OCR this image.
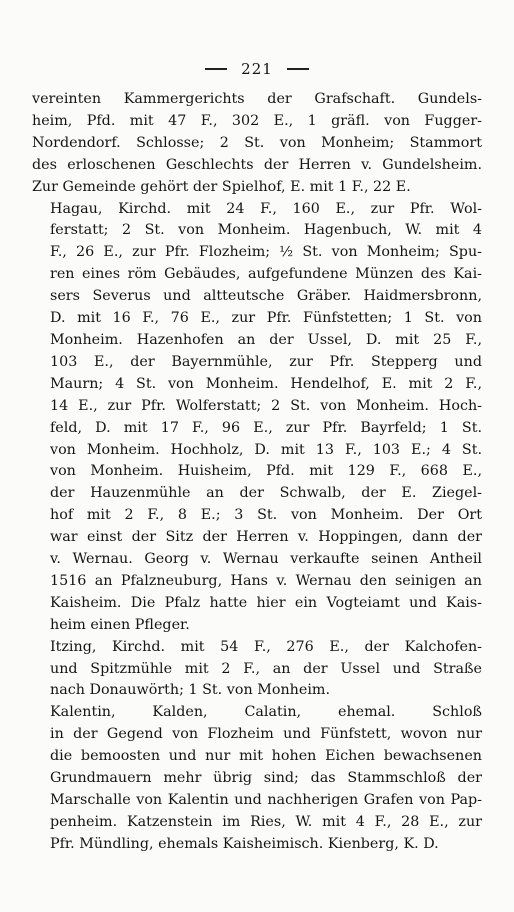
221

vereinten Kammergerichts der Grafschaft. Gundels-
heim, Pfd. mit 47 F., 302 E., 1 gräfl. von Fugger-
Nordendorf. Schlosse; 2 St. von Monheim; Stammort
des erloschenen Geschlechts der Herren v. Gundelsheim.
Zur Gemeinde gehört der Spielhof, E. mit 1 F., 22 E.

Hagau, Kirchd. mit 24 F., 160 E., zur Pfr. Wol-
ferstatt; 2 St. von Monheim. Hagenbuch, W. mit 4
F., 26 E., zur Pfr. Flozheim; ½ St. von Monheim; Spu-
ren eines röm Gebäudes, aufgefundene Münzen des Kai-
sers Severus und altteutsche Gräber. Haidmersbronn,
D. mit 16 F., 76 E., zur Pfr. Fünfstetten; 1 St. von
Monheim. Hazenhofen an der Ussel, D. mit 25 F.,
103 E., der Bayernmühle, zur Pfr. Stepperg und
Maurn; 4 St. von Monheim. Hendelhof, E. mit 2 F.,
14 E., zur Pfr. Wolferstatt; 2 St. von Monheim. Hoch-
feld, D. mit 17 F., 96 E., zur Pfr. Bayrfeld; 1 St.
von Monheim. Hochholz, D. mit 13 F., 103 E.; 4 St.
von Monheim. Huisheim, Pfd. mit 129 F., 668 E.,
der Hauzenmühle an der Schwalb, der E. Ziegel-
hof mit 2 F., 8 E.; 3 St. von Monheim. Der Ort
war einst der Sitz der Herren v. Hoppingen, dann der
v. Wernau. Georg v. Wernau verkaufte seinen Antheil
1516 an Pfalzneuburg, Hans v. Wernau den seinigen an
Kaisheim. Die Pfalz hatte hier ein Vogteiamt und Kais-
heim einen Pfleger.

Itzing, Kirchd. mit 54 F., 276 E., der Kalchofen-
und Spitzmühle mit 2 F., an der Ussel und Straße
nach Donauwörth; 1 St. von Monheim.

Kalentin, Kalden, Calatin, ehemal. Schloß
in der Gegend von Flozheim und Fünfstett, wovon nur
die bemoosten und nur mit hohen Eichen bewachsenen
Grundmauern mehr übrig sind; das Stammschloß der
Marschalle von Kalentin und nachherigen Grafen von Pap-
penheim. Katzenstein im Ries, W. mit 4 F., 28 E., zur
Pfr. Mündling, ehemals Kaisheimisch. Kienberg, K. D.
